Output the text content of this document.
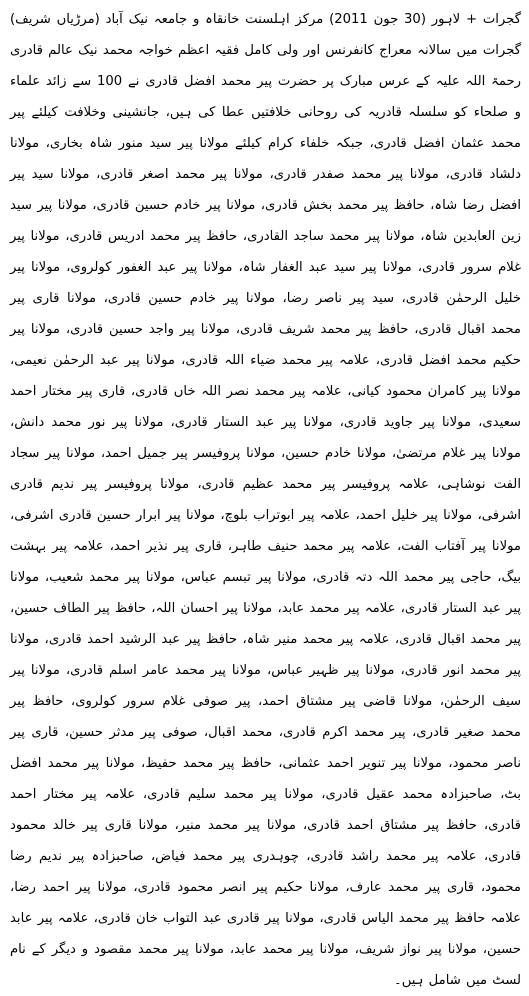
گجرات + لاہور (30 جون 2011) مرکز اہلسنت خانقاہ و جامعہ نیک آباد (مرڑیاں شریف) گجرات میں سالانہ معراج کانفرنس اور ولی کامل فقیہ اعظم خواجہ محمد نیک عالم قادری رحمۃ اللہ علیہ کے عرس مبارک پر حضرت پیر محمد افضل قادری نے 100 سے زائد علماء و صلحاء کو سلسلہ قادریہ کی روحانی خلافتیں عطا کی ہیں، جانشینی وخلافت کیلئے پیر محمد عثمان افضل قادری، جبکہ خلفاء کرام کیلئے مولانا پیر سید منور شاہ بخاری، مولانا دلشاد قادری، مولانا پیر محمد صفدر قادری، مولانا پیر محمد اصغر قادری، مولانا سید پیر افضل رضا شاہ، حافظ پیر محمد بخش قادری، مولانا پیر خادم حسین قادری، مولانا پیر سید زین العابدین شاہ، مولانا پیر محمد ساجد القادری، حافظ پیر محمد ادریس قادری، مولانا پیر غلام سرور قادری، مولانا پیر سید عبد الغفار شاہ، مولانا پیر عبد الغفور کولروی، مولانا پیر خلیل الرحمٰن قادری، سید پیر ناصر رضا، مولانا پیر خادم حسین قادری، مولانا قاری پیر محمد اقبال قادری، حافظ پیر محمد شریف قادری، مولانا پیر واجد حسین قادری، مولانا پیر حکیم محمد افضل قادری، علامہ پیر محمد ضیاء اللہ قادری، مولانا پیر عبد الرحمٰن نعیمی، مولانا پیر کامران محمود کیانی، علامہ پیر محمد نصر اللہ خاں قادری، قاری پیر مختار احمد سعیدی، مولانا پیر جاوید قادری، مولانا پیر عبد الستار قادری، مولانا پیر نور محمد دانش، مولانا پیر غلام مرتضیٰ، مولانا خادم حسین، مولانا پروفیسر پیر جمیل احمد، مولانا پیر سجاد الفت نوشاہی، علامہ پروفیسر پیر محمد عظیم قادری، مولانا پروفیسر پیر ندیم قادری اشرفی، مولانا پیر خلیل احمد، علامہ پیر ابوتراب بلوچ، مولانا پیر ابرار حسین قادری اشرفی، مولانا پیر آفتاب الفت، علامہ پیر محمد حنیف طاہر، قاری پیر نذیر احمد، علامہ پیر بہشت بیگ، حاجی پیر محمد اللہ دتہ قادری، مولانا پیر تبسم عباس، مولانا پیر محمد شعیب، مولانا پیر عبد الستار قادری، علامہ پیر محمد عابد، مولانا پیر احسان اللہ، حافظ پیر الطاف حسین، پیر محمد اقبال قادری، علامہ پیر محمد منیر شاہ، حافظ پیر عبد الرشید احمد قادری، مولانا پیر محمد انور قادری، مولانا پیر ظہیر عباس، مولانا پیر محمد عامر اسلم قادری، مولانا پیر سیف الرحمٰن، مولانا قاضی پیر مشتاق احمد، پیر صوفی غلام سرور کولروی، حافظ پیر محمد صغیر قادری، پیر محمد اکرم قادری، محمد اقبال، صوفی پیر مدثر حسین، قاری پیر ناصر محمود، مولانا پیر تنویر احمد عثمانی، حافظ پیر محمد حفیظ، مولانا پیر محمد افضل بٹ، صاحبزادہ محمد عقیل قادری، مولانا پیر محمد سلیم قادری، علامہ پیر مختار احمد قادری، حافظ پیر مشتاق احمد قادری، مولانا پیر محمد منیر، مولانا قاری پیر خالد محمود قادری، علامہ پیر محمد راشد قادری، چوہدری پیر محمد فیاض، صاحبزادہ پیر ندیم رضا محمود، قاری پیر محمد عارف، مولانا حکیم پیر انصر محمود قادری، مولانا پیر احمد رضا، علامہ حافظ پیر محمد الیاس قادری، مولانا پیر قادری عبد التواب خان قادری، علامہ پیر عابد حسین، مولانا پیر نواز شریف، مولانا پیر محمد عابد، مولانا پیر محمد مقصود و دیگر کے نام لسٹ میں شامل ہیں۔
